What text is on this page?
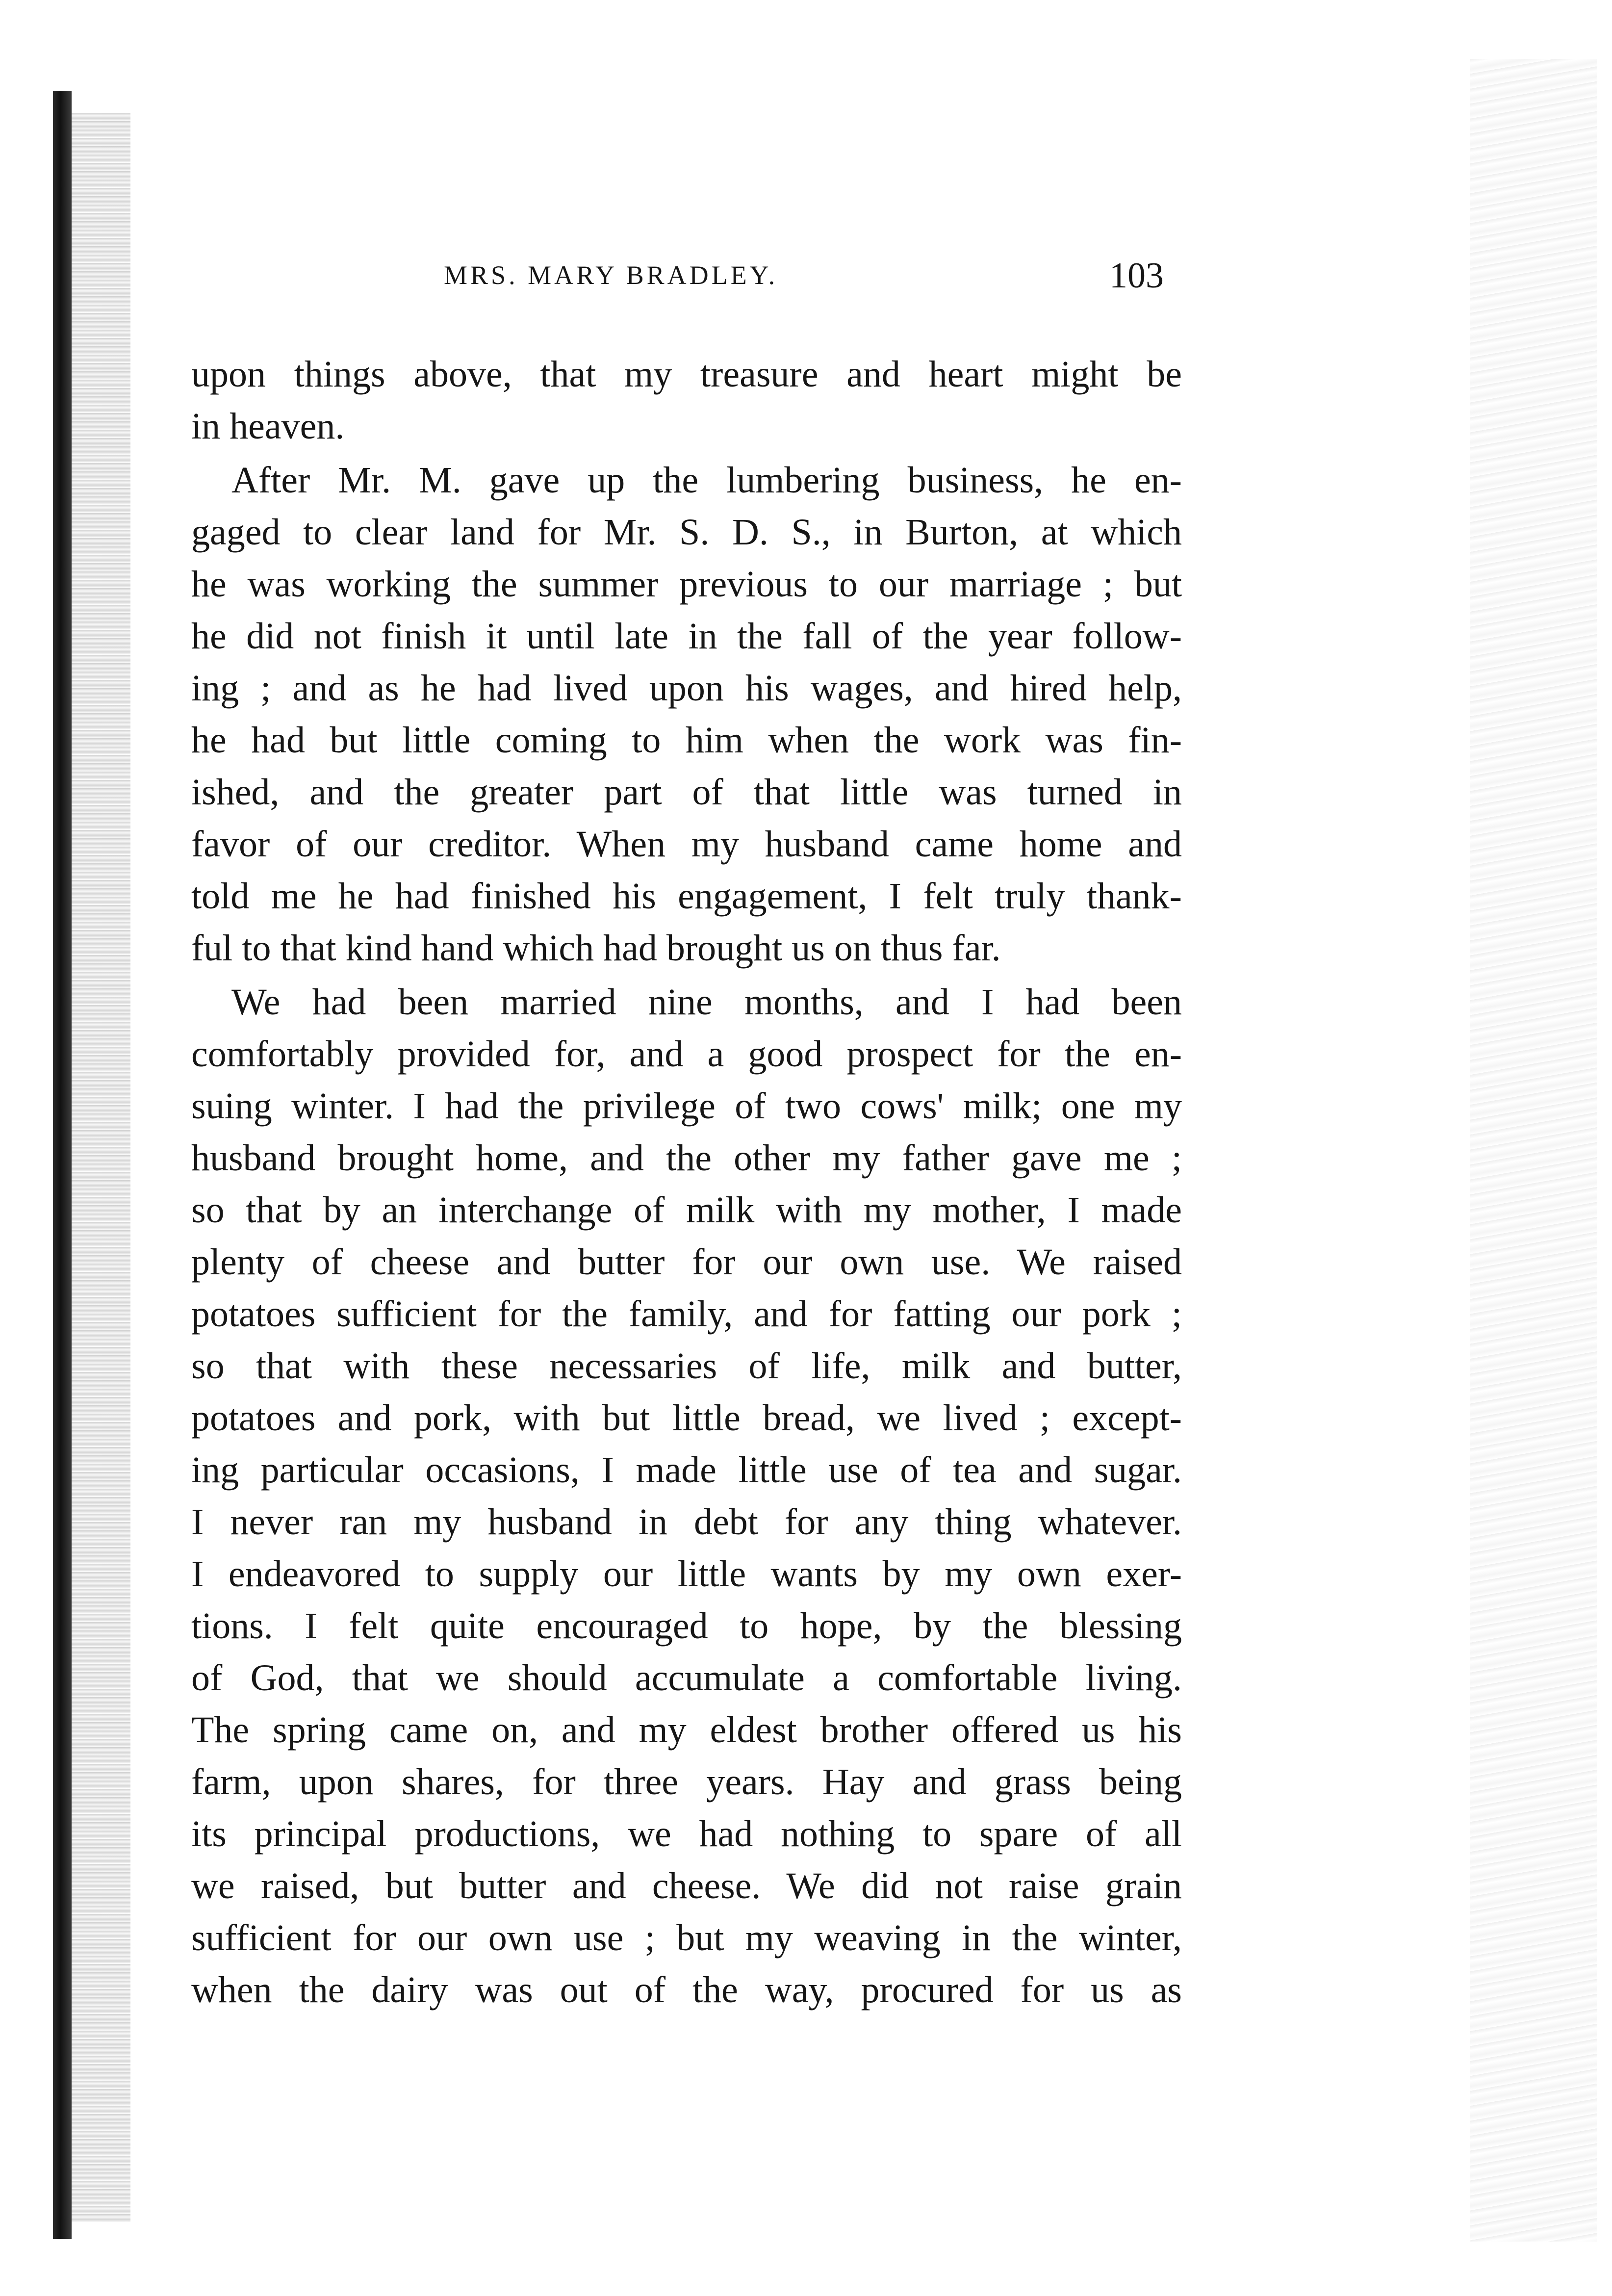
MRS. MARY BRADLEY.	103
upon things above, that my treasure and heart might be
in heaven.
After Mr. M. gave up the lumbering business, he en-
gaged to clear land for Mr. S. D. S., in Burton, at which
he was working the summer previous to our marriage ; but
he did not finish it until late in the fall of the year follow-
ing ; and as he had lived upon his wages, and hired help,
he had but little coming to him when the work was fin-
ished, and the greater part of that little was turned in
favor of our creditor. When my husband came home and
told me he had finished his engagement, I felt truly thank-
ful to that kind hand which had brought us on thus far.
We had been married nine months, and I had been
comfortably provided for, and a good prospect for the en-
suing winter. I had the privilege of two cows' milk; one my
husband brought home, and the other my father gave me ;
so that by an interchange of milk with my mother, I made
plenty of cheese and butter for our own use. We raised
potatoes sufficient for the family, and for fatting our pork ;
so that with these necessaries of life, milk and butter,
potatoes and pork, with but little bread, we lived ; except-
ing particular occasions, I made little use of tea and sugar.
I never ran my husband in debt for any thing whatever.
I endeavored to supply our little wants by my own exer-
tions. I felt quite encouraged to hope, by the blessing
of God, that we should accumulate a comfortable living.
The spring came on, and my eldest brother offered us his
farm, upon shares, for three years. Hay and grass being
its principal productions, we had nothing to spare of all
we raised, but butter and cheese. We did not raise grain
sufficient for our own use ; but my weaving in the winter,
when the dairy was out of the way, procured for us as
